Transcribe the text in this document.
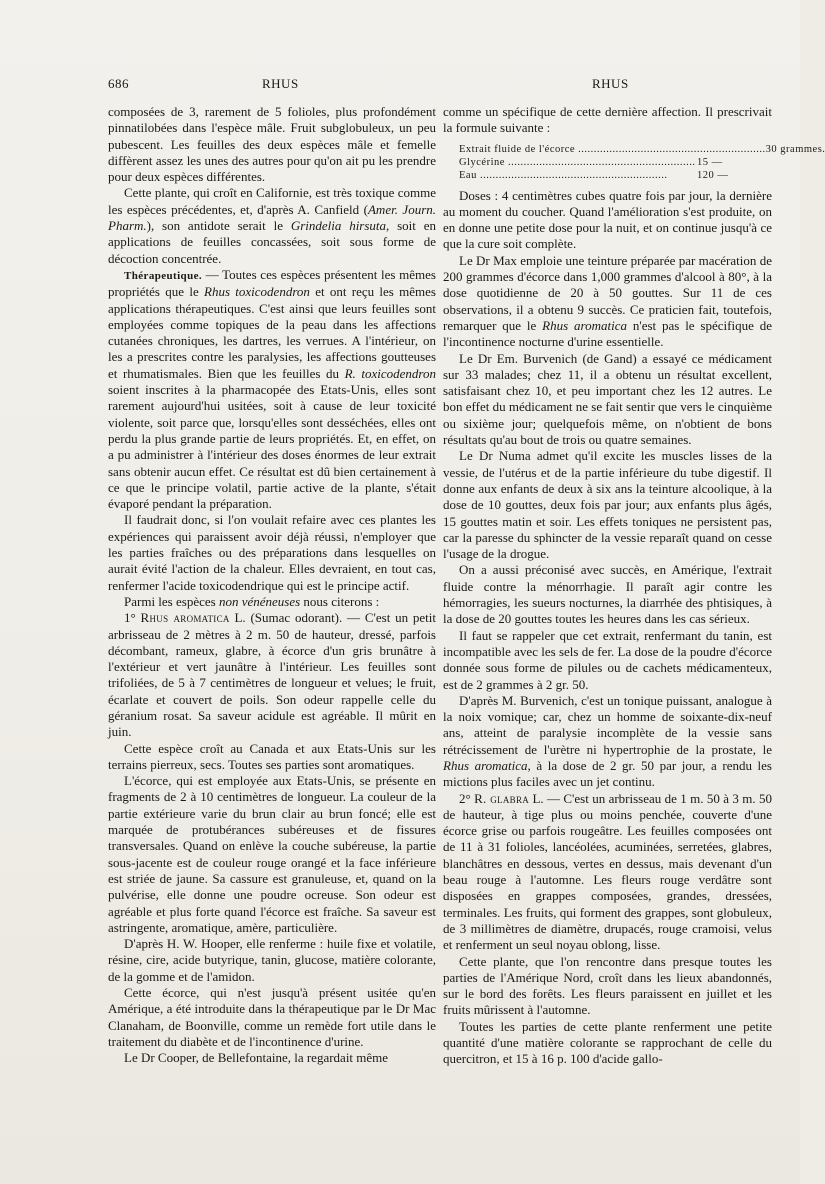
686	RHUS	RHUS

composées de 3, rarement de 5 folioles, plus profondément pinnatilobées dans l'espèce mâle. Fruit subglobuleux, un peu pubescent. Les feuilles des deux espèces mâle et femelle diffèrent assez les unes des autres pour qu'on ait pu les prendre pour deux espèces différentes.

Cette plante, qui croît en Californie, est très toxique comme les espèces précédentes, et, d'après A. Canfield (Amer. Journ. Pharm.), son antidote serait le Grindelia hirsuta, soit en applications de feuilles concassées, soit sous forme de décoction concentrée.

Thérapeutique. — Toutes ces espèces présentent les mêmes propriétés que le Rhus toxicodendron et ont reçu les mêmes applications thérapeutiques. C'est ainsi que leurs feuilles sont employées comme topiques de la peau dans les affections cutanées chroniques, les dartres, les verrues. A l'intérieur, on les a prescrites contre les paralysies, les affections goutteuses et rhumatismales. Bien que les feuilles du R. toxicodendron soient inscrites à la pharmacopée des Etats-Unis, elles sont rarement aujourd'hui usitées, soit à cause de leur toxicité violente, soit parce que, lorsqu'elles sont desséchées, elles ont perdu la plus grande partie de leurs propriétés. Et, en effet, on a pu administrer à l'intérieur des doses énormes de leur extrait sans obtenir aucun effet. Ce résultat est dû bien certainement à ce que le principe volatil, partie active de la plante, s'était évaporé pendant la préparation.

Il faudrait donc, si l'on voulait refaire avec ces plantes les expériences qui paraissent avoir déjà réussi, n'employer que les parties fraîches ou des préparations dans lesquelles on aurait évité l'action de la chaleur. Elles devraient, en tout cas, renfermer l'acide toxicodendrique qui est le principe actif.

Parmi les espèces non vénéneuses nous citerons :

1° Rhus aromatica L. (Sumac odorant). — C'est un petit arbrisseau de 2 mètres à 2 m. 50 de hauteur, dressé, parfois décombant, rameux, glabre, à écorce d'un gris brunâtre à l'extérieur et vert jaunâtre à l'intérieur. Les feuilles sont trifoliées, de 5 à 7 centimètres de longueur et velues; le fruit, écarlate et couvert de poils. Son odeur rappelle celle du géranium rosat. Sa saveur acidule est agréable. Il mûrit en juin.

Cette espèce croît au Canada et aux Etats-Unis sur les terrains pierreux, secs. Toutes ses parties sont aromatiques.

L'écorce, qui est employée aux Etats-Unis, se présente en fragments de 2 à 10 centimètres de longueur. La couleur de la partie extérieure varie du brun clair au brun foncé; elle est marquée de protubérances subéreuses et de fissures transversales. Quand on enlève la couche subéreuse, la partie sous-jacente est de couleur rouge orangé et la face inférieure est striée de jaune. Sa cassure est granuleuse, et, quand on la pulvérise, elle donne une poudre ocreuse. Son odeur est agréable et plus forte quand l'écorce est fraîche. Sa saveur est astringente, aromatique, amère, particulière.

D'après H. W. Hooper, elle renferme : huile fixe et volatile, résine, cire, acide butyrique, tanin, glucose, matière colorante, de la gomme et de l'amidon.

Cette écorce, qui n'est jusqu'à présent usitée qu'en Amérique, a été introduite dans la thérapeutique par le Dr Mac Clanaham, de Boonville, comme un remède fort utile dans le traitement du diabète et de l'incontinence d'urine.

Le Dr Cooper, de Bellefontaine, la regardait même

comme un spécifique de cette dernière affection. Il prescrivait la formule suivante :

Extrait fluide de l'écorce ............................................................ 30 grammes.
Glycérine ............................................................ 15 —
Eau ............................................................	120 —

Doses : 4 centimètres cubes quatre fois par jour, la dernière au moment du coucher. Quand l'amélioration s'est produite, on en donne une petite dose pour la nuit, et on continue jusqu'à ce que la cure soit complète.

Le Dr Max emploie une teinture préparée par macération de 200 grammes d'écorce dans 1,000 grammes d'alcool à 80°, à la dose quotidienne de 20 à 50 gouttes. Sur 11 de ces observations, il a obtenu 9 succès. Ce praticien fait, toutefois, remarquer que le Rhus aromatica n'est pas le spécifique de l'incontinence nocturne d'urine essentielle.

Le Dr Em. Burvenich (de Gand) a essayé ce médicament sur 33 malades; chez 11, il a obtenu un résultat excellent, satisfaisant chez 10, et peu important chez les 12 autres. Le bon effet du médicament ne se fait sentir que vers le cinquième ou sixième jour; quelquefois même, on n'obtient de bons résultats qu'au bout de trois ou quatre semaines.

Le Dr Numa admet qu'il excite les muscles lisses de la vessie, de l'utérus et de la partie inférieure du tube digestif. Il donne aux enfants de deux à six ans la teinture alcoolique, à la dose de 10 gouttes, deux fois par jour; aux enfants plus âgés, 15 gouttes matin et soir. Les effets toniques ne persistent pas, car la paresse du sphincter de la vessie reparaît quand on cesse l'usage de la drogue.

On a aussi préconisé avec succès, en Amérique, l'extrait fluide contre la ménorrhagie. Il paraît agir contre les hémorragies, les sueurs nocturnes, la diarrhée des phtisiques, à la dose de 20 gouttes toutes les heures dans les cas sérieux.

Il faut se rappeler que cet extrait, renfermant du tanin, est incompatible avec les sels de fer. La dose de la poudre d'écorce donnée sous forme de pilules ou de cachets médicamenteux, est de 2 grammes à 2 gr. 50.

D'après M. Burvenich, c'est un tonique puissant, analogue à la noix vomique; car, chez un homme de soixante-dix-neuf ans, atteint de paralysie incomplète de la vessie sans rétrécissement de l'urètre ni hypertrophie de la prostate, le Rhus aromatica, à la dose de 2 gr. 50 par jour, a rendu les mictions plus faciles avec un jet continu.

2° R. glabra L. — C'est un arbrisseau de 1 m. 50 à 3 m. 50 de hauteur, à tige plus ou moins penchée, couverte d'une écorce grise ou parfois rougeâtre. Les feuilles composées ont de 11 à 31 folioles, lancéolées, acuminées, serretées, glabres, blanchâtres en dessous, vertes en dessus, mais devenant d'un beau rouge à l'automne. Les fleurs rouge verdâtre sont disposées en grappes composées, grandes, dressées, terminales. Les fruits, qui forment des grappes, sont globuleux, de 3 millimètres de diamètre, drupacés, rouge cramoisi, velus et renferment un seul noyau oblong, lisse.

Cette plante, que l'on rencontre dans presque toutes les parties de l'Amérique Nord, croît dans les lieux abandonnés, sur le bord des forêts. Les fleurs paraissent en juillet et les fruits mûrissent à l'automne.

Toutes les parties de cette plante renferment une petite quantité d'une matière colorante se rapprochant de celle du quercitron, et 15 à 16 p. 100 d'acide gallo-
